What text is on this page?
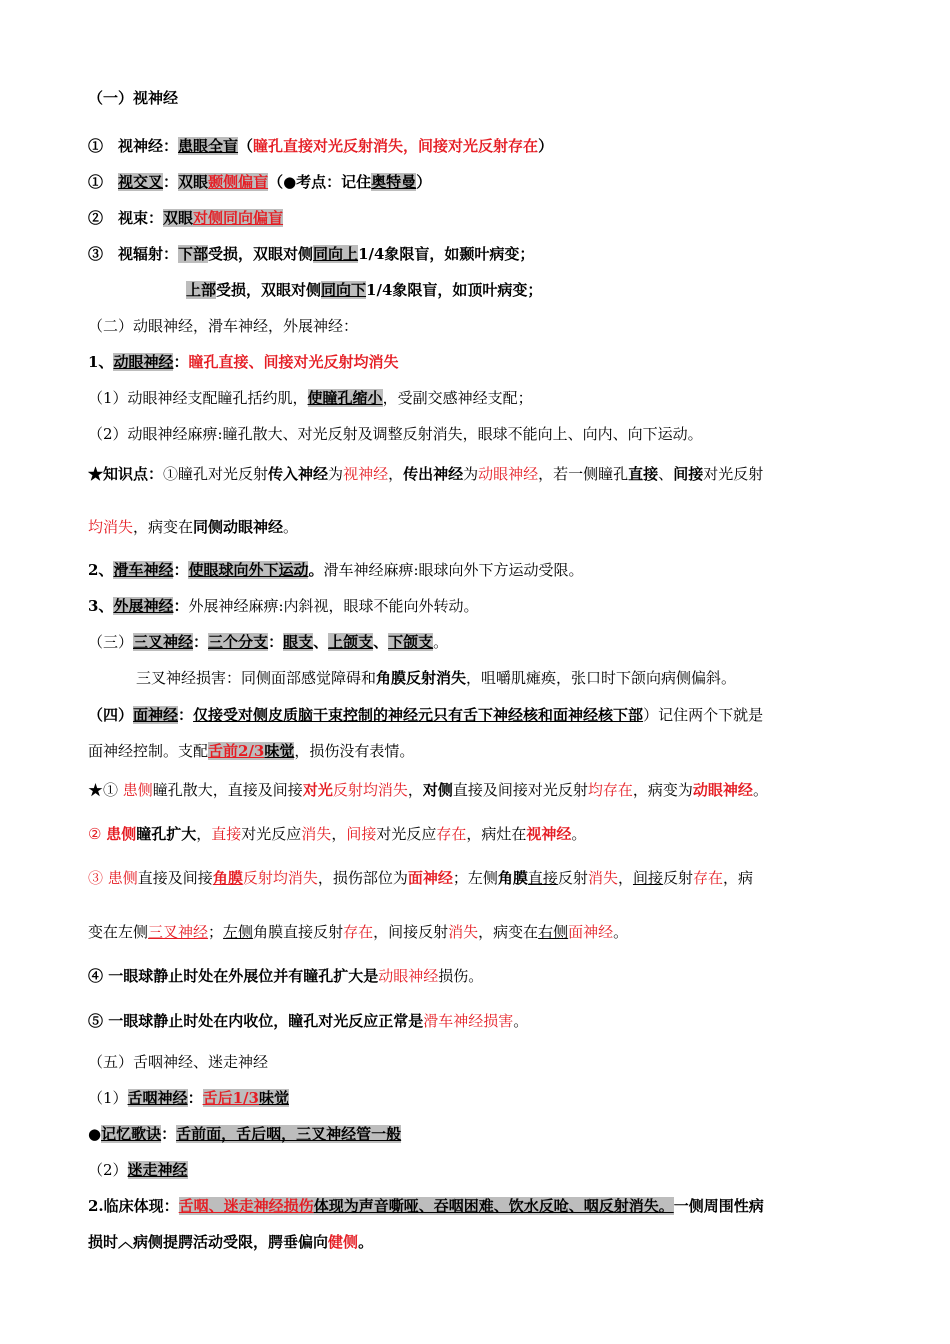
（一）视神经
①　视神经：患眼全盲（瞳孔直接对光反射消失，间接对光反射存在）
①　视交叉：双眼颞侧偏盲（●考点：记住奥特曼）
②　视束：双眼对侧同向偏盲
③　视辐射：下部受损，双眼对侧同向上1/4象限盲，如颞叶病变；
上部受损，双眼对侧同向下1/4象限盲，如顶叶病变；
（二）动眼神经，滑车神经，外展神经：
1、动眼神经：瞳孔直接、间接对光反射均消失
（1）动眼神经支配瞳孔括约肌，使瞳孔缩小，受副交感神经支配；
（2）动眼神经麻痹:瞳孔散大、对光反射及调整反射消失，眼球不能向上、向内、向下运动。
★知识点：①瞳孔对光反射传入神经为视神经，传出神经为动眼神经，若一侧瞳孔直接、间接对光反射
均消失，病变在同侧动眼神经。
2、滑车神经：使眼球向外下运动。滑车神经麻痹:眼球向外下方运动受限。
3、外展神经：外展神经麻痹:内斜视，眼球不能向外转动。
（三）三叉神经：三个分支：眼支、上颌支、下颌支。
三叉神经损害：同侧面部感觉障碍和角膜反射消失，咀嚼肌瘫痪，张口时下颌向病侧偏斜。
（四）面神经：仅接受对侧皮质脑干束控制的神经元只有舌下神经核和面神经核下部）记住两个下就是
面神经控制。支配舌前2/3味觉，损伤没有表情。
★① 患侧瞳孔散大，直接及间接对光反射均消失，对侧直接及间接对光反射均存在，病变为动眼神经。
② 患侧瞳孔扩大，直接对光反应消失，间接对光反应存在，病灶在视神经。
③ 患侧直接及间接角膜反射均消失，损伤部位为面神经；左侧角膜直接反射消失，间接反射存在，病
变在左侧三叉神经；左侧角膜直接反射存在，间接反射消失，病变在右侧面神经。
④ 一眼球静止时处在外展位并有瞳孔扩大是动眼神经损伤。
⑤ 一眼球静止时处在内收位，瞳孔对光反应正常是滑车神经损害。
（五）舌咽神经、迷走神经
（1）舌咽神经：舌后1/3味觉
●记忆歌诀：舌前面，舌后咽，三叉神经管一般
（2）迷走神经
2.临床体现：舌咽、迷走神经损伤体现为声音嘶哑、吞咽困难、饮水反呛、咽反射消失。一侧周围性病
损时︿病侧提腭活动受限，腭垂偏向健侧。
